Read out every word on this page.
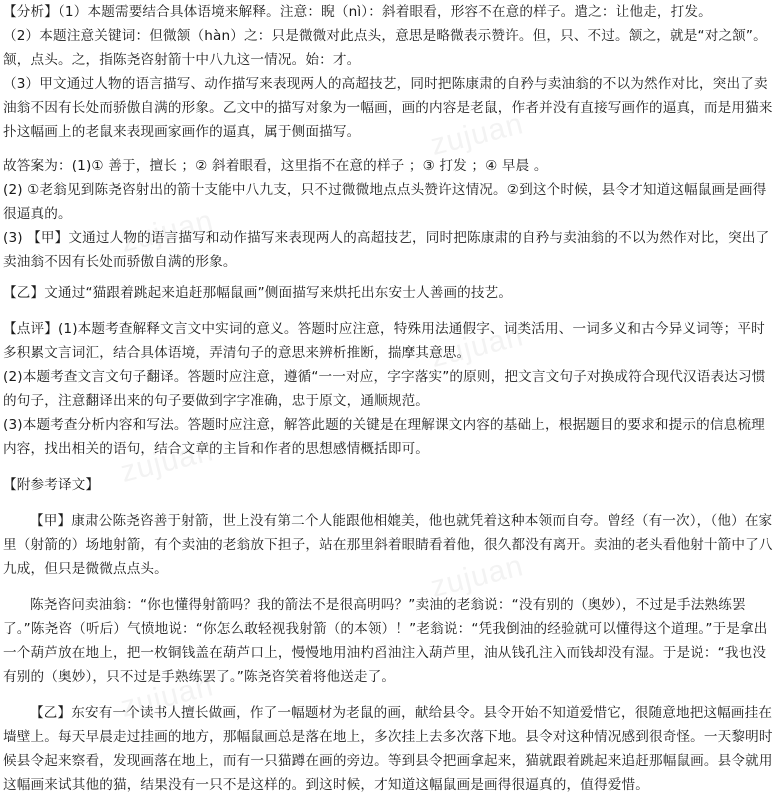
zujuan
zujuan
zujuan
zujuan
zujuan
zujuan

【分析】（1）本题需要结合具体语境来解释。注意：睨（nì）：斜着眼看，形容不在意的样子。遣之：让他走，打发。

（2）本题注意关键词：但微颔（hàn）之：只是微微对此点头，意思是略微表示赞许。但，只、不过。颔之，就是“对之颔”。颔，点头。之，指陈尧咨射箭十中八九这一情况。始：才。

（3）甲文通过人物的语言描写、动作描写来表现两人的高超技艺，同时把陈康肃的自矜与卖油翁的不以为然作对比，突出了卖油翁不因有长处而骄傲自满的形象。乙文中的描写对象为一幅画，画的内容是老鼠，作者并没有直接写画作的逼真，而是用猫来扑这幅画上的老鼠来表现画家画作的逼真，属于侧面描写。

故答案为：(1)① 善于，擅长 ；② 斜着眼看，这里指不在意的样子 ；③ 打发 ；④ 早晨 。

(2) ①老翁见到陈尧咨射出的箭十支能中八九支，只不过微微地点点头赞许这情况。②到这个时候，县令才知道这幅鼠画是画得很逼真的。

(3) 【甲】文通过人物的语言描写和动作描写来表现两人的高超技艺，同时把陈康肃的自矜与卖油翁的不以为然作对比，突出了卖油翁不因有长处而骄傲自满的形象。

【乙】文通过“猫跟着跳起来追赶那幅鼠画”侧面描写来烘托出东安士人善画的技艺。

【点评】(1)本题考查解释文言文中实词的意义。答题时应注意，特殊用法通假字、词类活用、一词多义和古今异义词等；平时多积累文言词汇，结合具体语境，弄清句子的意思来辨析推断，揣摩其意思。

(2)本题考查文言文句子翻译。答题时应注意，遵循“一一对应，字字落实”的原则，把文言文句子对换成符合现代汉语表达习惯的句子，注意翻译出来的句子要做到字字准确，忠于原文，通顺规范。

(3)本题考查分析内容和写法。答题时应注意，解答此题的关键是在理解课文内容的基础上，根据题目的要求和提示的信息梳理内容，找出相关的语句，结合文章的主旨和作者的思想感情概括即可。

【附参考译文】

【甲】康肃公陈尧咨善于射箭，世上没有第二个人能跟他相媲美，他也就凭着这种本领而自夸。曾经（有一次），（他）在家里（射箭的）场地射箭，有个卖油的老翁放下担子，站在那里斜着眼睛看着他，很久都没有离开。卖油的老头看他射十箭中了八九成，但只是微微点点头。

陈尧咨问卖油翁：“你也懂得射箭吗？我的箭法不是很高明吗？”卖油的老翁说：“没有别的（奥妙），不过是手法熟练罢了。”陈尧咨（听后）气愤地说：“你怎么敢轻视我射箭（的本领）！”老翁说：“凭我倒油的经验就可以懂得这个道理。”于是拿出一个葫芦放在地上，把一枚铜钱盖在葫芦口上，慢慢地用油杓舀油注入葫芦里，油从钱孔注入而钱却没有湿。于是说：“我也没有别的（奥妙），只不过是手熟练罢了。”陈尧咨笑着将他送走了。

【乙】东安有一个读书人擅长做画，作了一幅题材为老鼠的画，献给县令。县令开始不知道爱惜它，很随意地把这幅画挂在墙壁上。每天早晨走过挂画的地方，那幅鼠画总是落在地上，多次挂上去多次落下地。县令对这种情况感到很奇怪。一天黎明时候县令起来察看，发现画落在地上，而有一只猫蹲在画的旁边。等到县令把画拿起来，猫就跟着跳起来追赶那幅鼠画。县令就用这幅画来试其他的猫，结果没有一只不是这样的。到这时候，才知道这幅鼠画是画得很逼真的，值得爱惜。
